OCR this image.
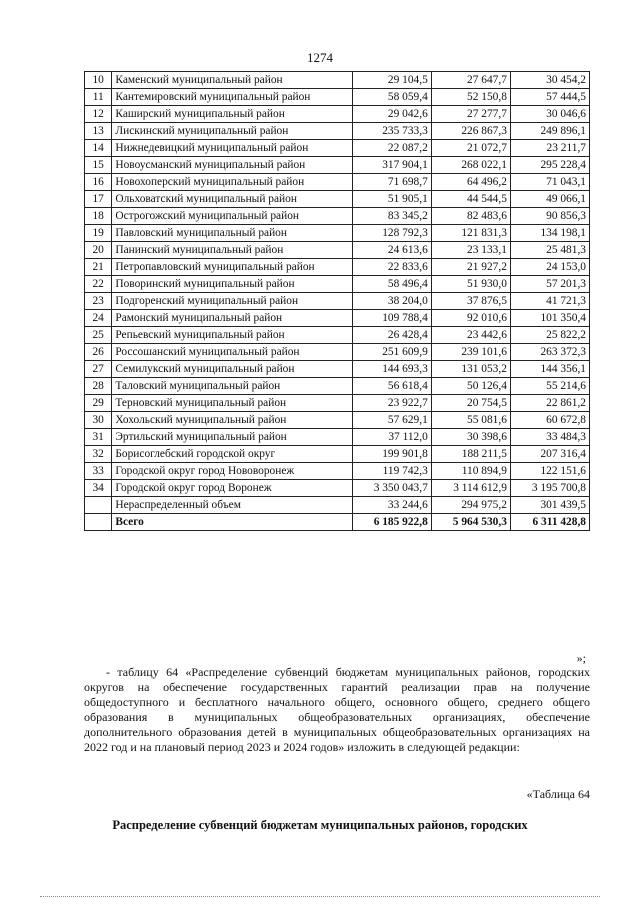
1274
10	Каменский муниципальный район	29 104,5	27 647,7	30 454,2
11	Кантемировский муниципальный район	58 059,4	52 150,8	57 444,5
12	Каширский муниципальный район	29 042,6	27 277,7	30 046,6
13	Лискинский муниципальный район	235 733,3	226 867,3	249 896,1
14	Нижнедевицкий муниципальный район	22 087,2	21 072,7	23 211,7
15	Новоусманский муниципальный район	317 904,1	268 022,1	295 228,4
16	Новохоперский муниципальный район	71 698,7	64 496,2	71 043,1
17	Ольховатский муниципальный район	51 905,1	44 544,5	49 066,1
18	Острогожский муниципальный район	83 345,2	82 483,6	90 856,3
19	Павловский муниципальный район	128 792,3	121 831,3	134 198,1
20	Панинский муниципальный район	24 613,6	23 133,1	25 481,3
21	Петропавловский муниципальный район	22 833,6	21 927,2	24 153,0
22	Поворинский муниципальный район	58 496,4	51 930,0	57 201,3
23	Подгоренский муниципальный район	38 204,0	37 876,5	41 721,3
24	Рамонский муниципальный район	109 788,4	92 010,6	101 350,4
25	Репьевский муниципальный район	26 428,4	23 442,6	25 822,2
26	Россошанский муниципальный район	251 609,9	239 101,6	263 372,3
27	Семилукский муниципальный район	144 693,3	131 053,2	144 356,1
28	Таловский муниципальный район	56 618,4	50 126,4	55 214,6
29	Терновский муниципальный район	23 922,7	20 754,5	22 861,2
30	Хохольский муниципальный район	57 629,1	55 081,6	60 672,8
31	Эртильский муниципальный район	37 112,0	30 398,6	33 484,3
32	Борисоглебский городской округ	199 901,8	188 211,5	207 316,4
33	Городской округ город Нововоронеж	119 742,3	110 894,9	122 151,6
34	Городской округ город Воронеж	3 350 043,7	3 114 612,9	3 195 700,8
	Нераспределенный объем	33 244,6	294 975,2	301 439,5
	Всего	6 185 922,8	5 964 530,3	6 311 428,8
»;

- таблицу 64 «Распределение субвенций бюджетам муниципальных районов, городских округов на обеспечение государственных гарантий реализации прав на получение общедоступного и бесплатного начального общего, основного общего, среднего общего образования в муниципальных общеобразовательных организациях, обеспечение дополнительного образования детей в муниципальных общеобразовательных организациях на 2022 год и на плановый период 2023 и 2024 годов» изложить в следующей редакции:

«Таблица 64
Распределение субвенций бюджетам муниципальных районов, городских
